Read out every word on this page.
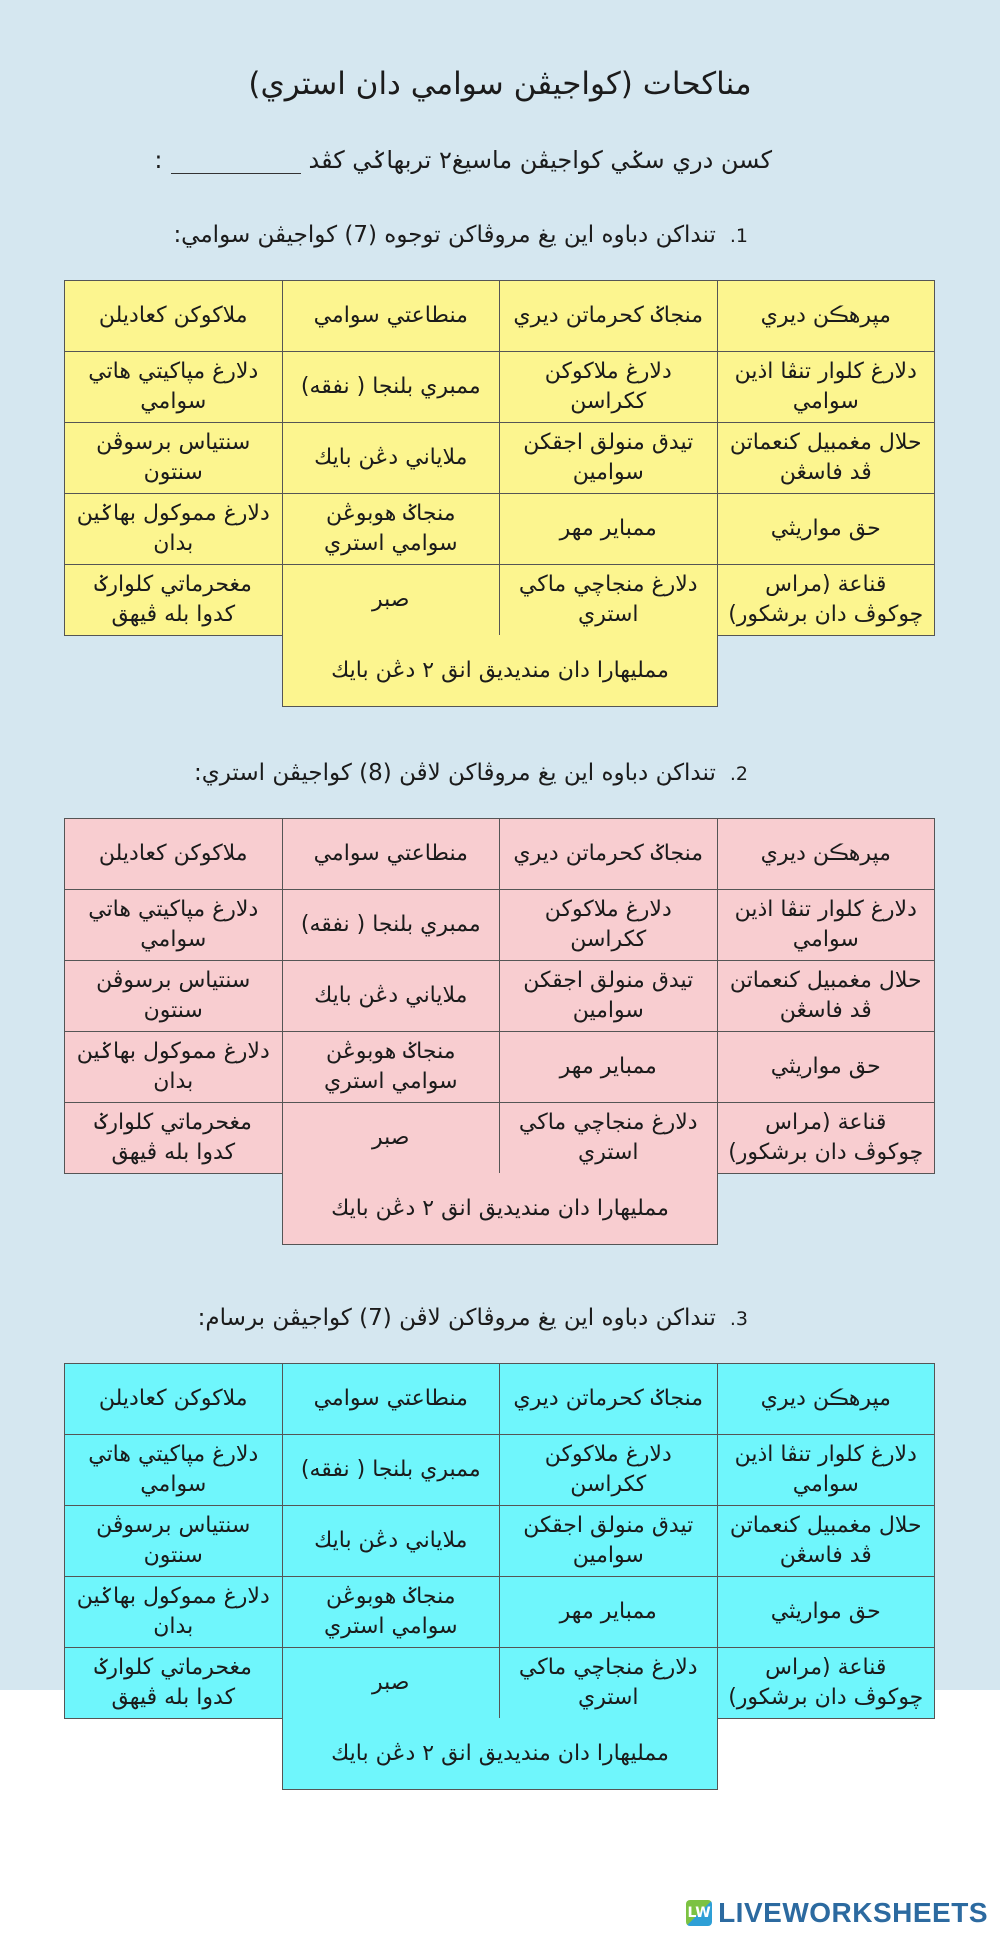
مناكحات (كواجيڤن سوامي دان استري)
كسن دري سݢي كواجيڤن ماسيغ٢ تربهاݢي كڤد
:
1.
تنداكن دباوه اين يغ مروڤاكن توجوه (7) كواجيڤن سوامي:
مپرهڪن ديري
منجاݢ كحرماتن ديري
منطاعتي سوامي
ملاكوكن كعاديلن
دلارغ كلوار تنڤا اذين سوامي
دلارغ ملاكوكن ككراسن
ممبري بلنجا ( نفقه)
دلارغ مپاكيتي هاتي سوامي
حلال مغمبيل كنعماتن ڤد فاسڠن
تيدق منولق اجقكن سوامين
ملاياني دڠن بايك
سنتياس برسوڤن سنتون
حق مواريثي
ممباير مهر
منجاݢ هوبوڠن سوامي استري
دلارغ مموكول بهاݢين بدان
قناعة (مراس چوكوڤ دان برشكور)
دلارغ منجاچي ماكي استري
صبر
مغحرماتي كلوارݢ كدوا بله ڤيهق
ممليهارا دان منديديق انق ٢ دڠن بايك
2.
تنداكن دباوه اين يغ مروڤاكن لاڤن (8) كواجيڤن استري:
مپرهڪن ديري
منجاݢ كحرماتن ديري
منطاعتي سوامي
ملاكوكن كعاديلن
دلارغ كلوار تنڤا اذين سوامي
دلارغ ملاكوكن ككراسن
ممبري بلنجا ( نفقه)
دلارغ مپاكيتي هاتي سوامي
حلال مغمبيل كنعماتن ڤد فاسڠن
تيدق منولق اجقكن سوامين
ملاياني دڠن بايك
سنتياس برسوڤن سنتون
حق مواريثي
ممباير مهر
منجاݢ هوبوڠن سوامي استري
دلارغ مموكول بهاݢين بدان
قناعة (مراس چوكوڤ دان برشكور)
دلارغ منجاچي ماكي استري
صبر
مغحرماتي كلوارݢ كدوا بله ڤيهق
ممليهارا دان منديديق انق ٢ دڠن بايك
3.
تنداكن دباوه اين يغ مروڤاكن لاڤن (7) كواجيڤن برسام:
مپرهڪن ديري
منجاݢ كحرماتن ديري
منطاعتي سوامي
ملاكوكن كعاديلن
دلارغ كلوار تنڤا اذين سوامي
دلارغ ملاكوكن ككراسن
ممبري بلنجا ( نفقه)
دلارغ مپاكيتي هاتي سوامي
حلال مغمبيل كنعماتن ڤد فاسڠن
تيدق منولق اجقكن سوامين
ملاياني دڠن بايك
سنتياس برسوڤن سنتون
حق مواريثي
ممباير مهر
منجاݢ هوبوڠن سوامي استري
دلارغ مموكول بهاݢين بدان
قناعة (مراس چوكوڤ دان برشكور)
دلارغ منجاچي ماكي استري
صبر
مغحرماتي كلوارݢ كدوا بله ڤيهق
ممليهارا دان منديديق انق ٢ دڠن بايك
LW LIVEWORKSHEETS
